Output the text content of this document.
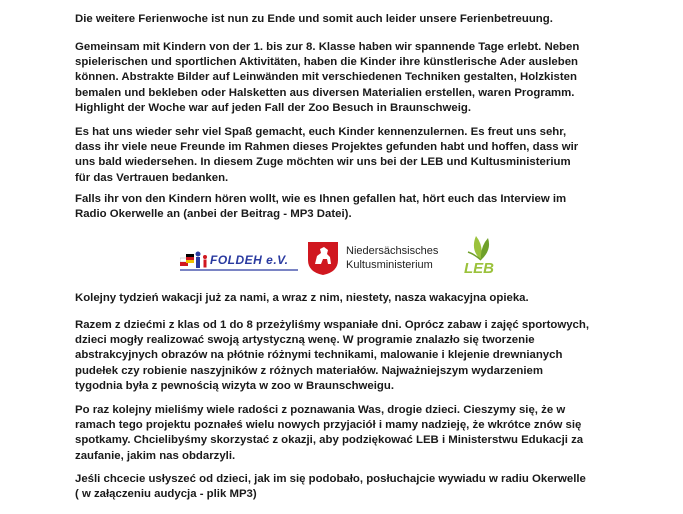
Die weitere Ferienwoche ist nun zu Ende und somit auch leider unsere Ferienbetreuung.

Gemeinsam mit Kindern von der 1. bis zur 8. Klasse haben wir spannende Tage erlebt. Neben

spielerischen und sportlichen Aktivitäten, haben die Kinder ihre künstlerische Ader ausleben

können. Abstrakte Bilder auf Leinwänden mit verschiedenen Techniken gestalten, Holzkisten

bemalen und bekleben oder Halsketten aus diversen Materialien erstellen, waren Programm.

Highlight der Woche war auf jeden Fall der Zoo Besuch in Braunschweig.

Es hat uns wieder sehr viel Spaß gemacht, euch Kinder kennenzulernen. Es freut uns sehr,

dass ihr viele neue Freunde im Rahmen dieses Projektes gefunden habt und hoffen, dass wir

uns bald wiedersehen. In diesem Zuge möchten wir uns bei der LEB und Kultusministerium

für das Vertrauen bedanken.

Falls ihr von den Kindern hören wollt, wie es Ihnen gefallen hat, hört euch das Interview im

Radio Okerwelle an (anbei der Beitrag - MP3 Datei).

FOLDEH e.V.
Niedersächsisches
Kultusministerium	LEB

Kolejny tydzień wakacji już za nami, a wraz z nim, niestety, nasza wakacyjna opieka.

Razem z dziećmi z klas od 1 do 8 przeżyliśmy wspaniałe dni. Oprócz zabaw i zajęć sportowych,

dzieci mogły realizować swoją artystyczną wenę. W programie znalazło się tworzenie

abstrakcyjnych obrazów na płótnie różnymi technikami, malowanie i klejenie drewnianych

pudełek czy robienie naszyjników z różnych materiałów. Najważniejszym wydarzeniem

tygodnia była z pewnością wizyta w zoo w Braunschweigu.

Po raz kolejny mieliśmy wiele radości z poznawania Was, drogie dzieci. Cieszymy się, że w

ramach tego projektu poznałeś wielu nowych przyjaciół i mamy nadzieję, że wkrótce znów się

spotkamy. Chcielibyśmy skorzystać z okazji, aby podziękować LEB i Ministerstwu Edukacji za

zaufanie, jakim nas obdarzyli.

Jeśli chcecie usłyszeć od dzieci, jak im się podobało, posłuchajcie wywiadu w radiu Okerwelle

( w załączeniu audycja - plik MP3)
